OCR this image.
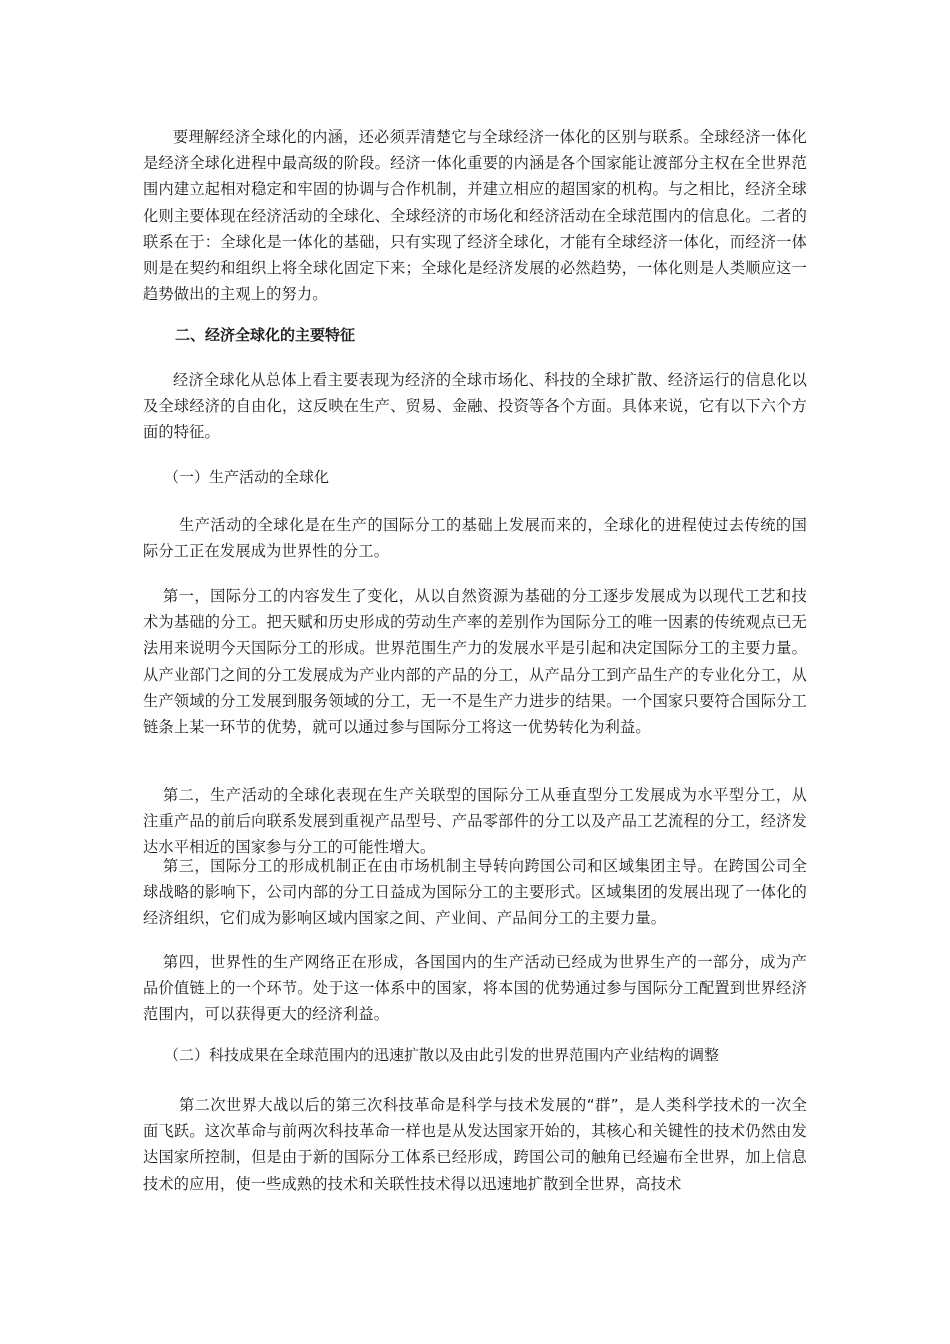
要理解经济全球化的内涵，还必须弄清楚它与全球经济一体化的区别与联系。全球经济一体化是经济全球化进程中最高级的阶段。经济一体化重要的内涵是各个国家能让渡部分主权在全世界范围内建立起相对稳定和牢固的协调与合作机制，并建立相应的超国家的机构。与之相比，经济全球化则主要体现在经济活动的全球化、全球经济的市场化和经济活动在全球范围内的信息化。二者的联系在于：全球化是一体化的基础，只有实现了经济全球化，才能有全球经济一体化，而经济一体则是在契约和组织上将全球化固定下来；全球化是经济发展的必然趋势，一体化则是人类顺应这一趋势做出的主观上的努力。

二、经济全球化的主要特征

经济全球化从总体上看主要表现为经济的全球市场化、科技的全球扩散、经济运行的信息化以及全球经济的自由化，这反映在生产、贸易、金融、投资等各个方面。具体来说，它有以下六个方面的特征。

（一）生产活动的全球化

生产活动的全球化是在生产的国际分工的基础上发展而来的，全球化的进程使过去传统的国际分工正在发展成为世界性的分工。

第一，国际分工的内容发生了变化，从以自然资源为基础的分工逐步发展成为以现代工艺和技术为基础的分工。把天赋和历史形成的劳动生产率的差别作为国际分工的唯一因素的传统观点已无法用来说明今天国际分工的形成。世界范围生产力的发展水平是引起和决定国际分工的主要力量。从产业部门之间的分工发展成为产业内部的产品的分工，从产品分工到产品生产的专业化分工，从生产领域的分工发展到服务领域的分工，无一不是生产力进步的结果。一个国家只要符合国际分工链条上某一环节的优势，就可以通过参与国际分工将这一优势转化为利益。

第二，生产活动的全球化表现在生产关联型的国际分工从垂直型分工发展成为水平型分工，从注重产品的前后向联系发展到重视产品型号、产品零部件的分工以及产品工艺流程的分工，经济发达水平相近的国家参与分工的可能性增大。

第三，国际分工的形成机制正在由市场机制主导转向跨国公司和区域集团主导。在跨国公司全球战略的影响下，公司内部的分工日益成为国际分工的主要形式。区域集团的发展出现了一体化的经济组织，它们成为影响区域内国家之间、产业间、产品间分工的主要力量。

第四，世界性的生产网络正在形成，各国国内的生产活动已经成为世界生产的一部分，成为产品价值链上的一个环节。处于这一体系中的国家，将本国的优势通过参与国际分工配置到世界经济范围内，可以获得更大的经济利益。

（二）科技成果在全球范围内的迅速扩散以及由此引发的世界范围内产业结构的调整

第二次世界大战以后的第三次科技革命是科学与技术发展的“群”，是人类科学技术的一次全面飞跃。这次革命与前两次科技革命一样也是从发达国家开始的，其核心和关键性的技术仍然由发达国家所控制，但是由于新的国际分工体系已经形成，跨国公司的触角已经遍布全世界，加上信息技术的应用，使一些成熟的技术和关联性技术得以迅速地扩散到全世界，高技术
